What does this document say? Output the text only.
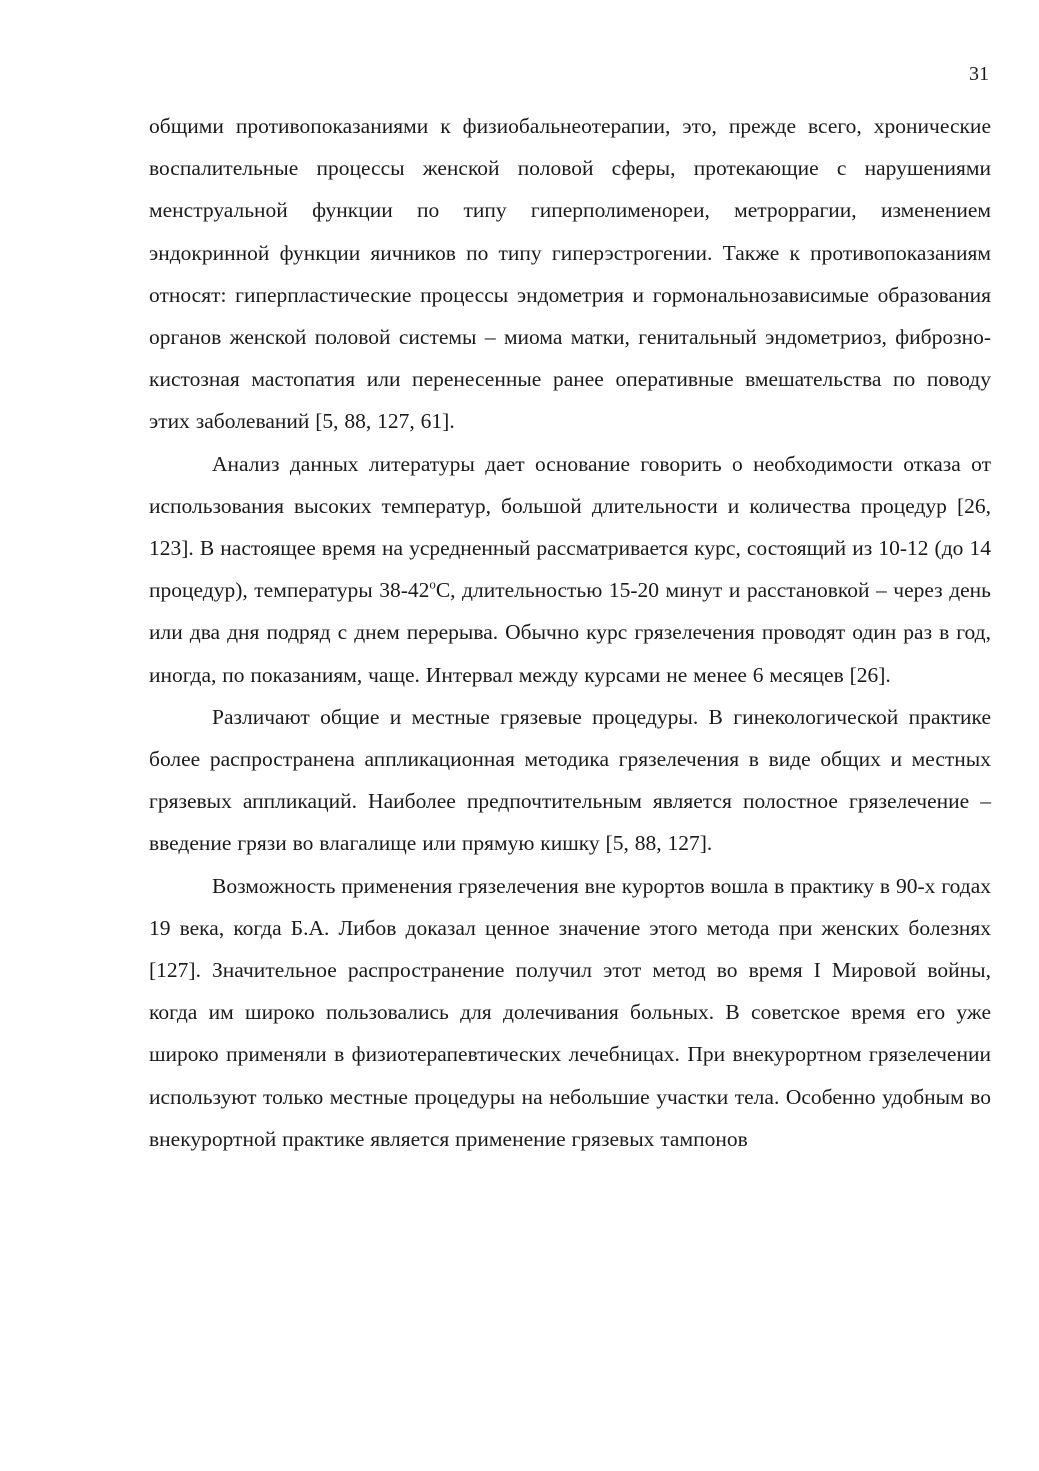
31

общими противопоказаниями к физиобальнеотерапии, это, прежде всего, хронические воспалительные процессы женской половой сферы, протекающие с нарушениями менструальной функции по типу гиперполименореи, метроррагии, изменением эндокринной функции яичников по типу гиперэстрогении. Также к противопоказаниям относят: гиперпластические процессы эндометрия и гормональнозависимые образования органов женской половой системы – миома матки, генитальный эндометриоз, фиброзно-кистозная мастопатия или перенесенные ранее оперативные вмешательства по поводу этих заболеваний [5, 88, 127, 61].

Анализ данных литературы дает основание говорить о необходимости отказа от использования высоких температур, большой длительности и количества процедур [26, 123]. В настоящее время на усредненный рассматривается курс, состоящий из 10-12 (до 14 процедур), температуры $38-42^оС$, длительностью 15-20 минут и расстановкой – через день или два дня подряд с днем перерыва. Обычно курс грязелечения проводят один раз в год, иногда, по показаниям, чаще. Интервал между курсами не менее 6 месяцев [26].

Различают общие и местные грязевые процедуры. В гинекологической практике более распространена аппликационная методика грязелечения в виде общих и местных грязевых аппликаций. Наиболее предпочтительным является полостное грязелечение – введение грязи во влагалище или прямую кишку [5, 88, 127].

Возможность применения грязелечения вне курортов вошла в практику в 90-х годах 19 века, когда Б.А. Либов доказал ценное значение этого метода при женских болезнях [127]. Значительное распространение получил этот метод во время I Мировой войны, когда им широко пользовались для долечивания больных. В советское время его уже широко применяли в физиотерапевтических лечебницах. При внекурортном грязелечении используют только местные процедуры на небольшие участки тела. Особенно удобным во внекурортной практике является применение грязевых тампонов
